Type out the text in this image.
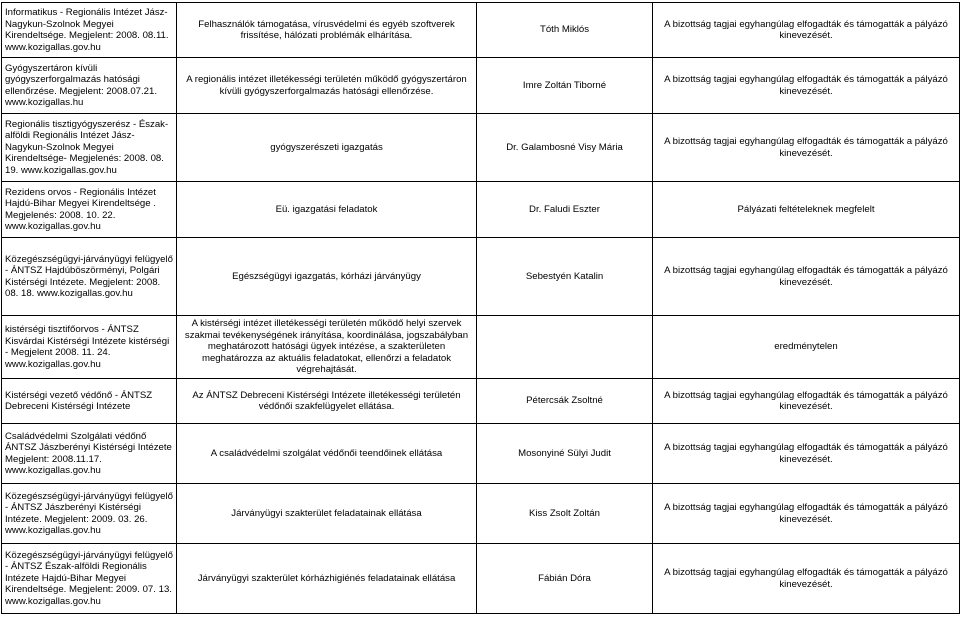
Informatikus - Regionális Intézet Jász-Nagykun-Szolnok Megyei Kirendeltsége. Megjelent: 2008. 08.11. www.kozigallas.gov.hu	Felhasználók támogatása, vírusvédelmi és egyéb szoftverek frissítése, hálózati problémák elhárítása.	Tóth Miklós	A bizottság tagjai egyhangúlag elfogadták és támogatták a pályázó kinevezését.
Gyógyszertáron kívüli gyógyszerforgalmazás hatósági ellenőrzése. Megjelent: 2008.07.21. www.kozigallas.hu	A regionális intézet illetékességi területén működő gyógyszertáron kívüli gyógyszerforgalmazás hatósági ellenőrzése.	Imre Zoltán Tiborné	A bizottság tagjai egyhangúlag elfogadták és támogatták a pályázó kinevezését.
Regionális tisztigyógyszerész - Észak-alföldi Regionális Intézet Jász-Nagykun-Szolnok Megyei Kirendeltsége- Megjelenés: 2008. 08. 19. www.kozigallas.gov.hu	gyógyszerészeti igazgatás	Dr. Galambosné Visy Mária	A bizottság tagjai egyhangúlag elfogadták és támogatták a pályázó kinevezését.
Rezidens orvos - Regionális Intézet Hajdú-Bihar Megyei Kirendeltsége . Megjelenés: 2008. 10. 22. www.kozigallas.gov.hu	Eü. igazgatási feladatok	Dr. Faludi Eszter	Pályázati feltételeknek megfelelt
Közegészségügyi-járványügyi felügyelő - ÁNTSZ Hajdúböszörményi, Polgári Kistérségi Intézete. Megjelent: 2008. 08. 18. www.kozigallas.gov.hu	Egészségügyi igazgatás, kórházi járványügy	Sebestyén Katalin	A bizottság tagjai egyhangúlag elfogadták és támogatták a pályázó kinevezését.
kistérségi tisztifőorvos - ÁNTSZ Kisvárdai Kistérségi Intézete kistérségi - Megjelent 2008. 11. 24. www.kozigallas.gov.hu	A kistérségi intézet illetékességi területén működő helyi szervek szakmai tevékenységének irányítása, koordinálása, jogszabályban meghatározott hatósági ügyek intézése, a szakterületen meghatározza az aktuális feladatokat, ellenőrzi a feladatok végrehajtását.		eredménytelen
Kistérségi vezető védőnő - ÁNTSZ Debreceni Kistérségi Intézete	Az ÁNTSZ Debreceni Kistérségi Intézete illetékességi területén védőnői szakfelügyelet ellátása.	Pétercsák Zsoltné	A bizottság tagjai egyhangúlag elfogadták és támogatták a pályázó kinevezését.
Családvédelmi Szolgálati védőnő ÁNTSZ Jászberényi Kistérségi Intézete Megjelent: 2008.11.17. www.kozigallas.gov.hu	A családvédelmi szolgálat védőnői teendőinek ellátása	Mosonyiné Sülyi Judit	A bizottság tagjai egyhangúlag elfogadták és támogatták a pályázó kinevezését.
Közegészségügyi-járványügyi felügyelő - ÁNTSZ Jászberényi Kistérségi Intézete. Megjelent: 2009. 03. 26. www.kozigallas.gov.hu	Járványügyi szakterület feladatainak ellátása	Kiss Zsolt Zoltán	A bizottság tagjai egyhangúlag elfogadták és támogatták a pályázó kinevezését.
Közegészségügyi-járványügyi felügyelő - ÁNTSZ Észak-alföldi Regionális Intézete Hajdú-Bihar Megyei Kirendeltsége. Megjelent: 2009. 07. 13. www.kozigallas.gov.hu	Járványügyi szakterület kórházhigiénés feladatainak ellátása	Fábián Dóra	A bizottság tagjai egyhangúlag elfogadták és támogatták a pályázó kinevezését.
